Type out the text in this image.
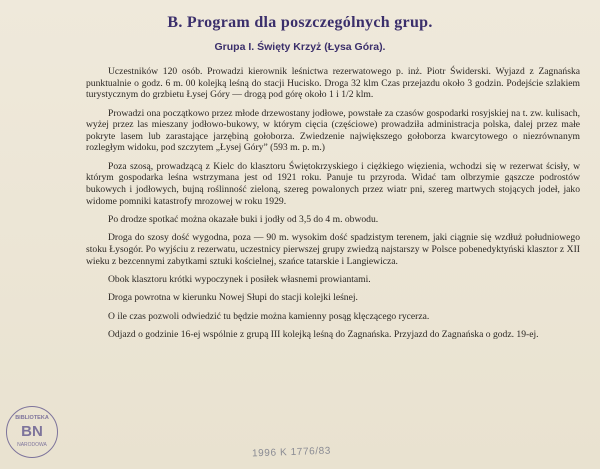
B. Program dla poszczególnych grup.
Grupa I. Święty Krzyż (Łysa Góra).

Uczestników 120 osób. Prowadzi kierownik leśnictwa rezerwatowego p. inż. Piotr Świderski. Wyjazd z Zagnańska punktualnie o godz. 6 m. 00 kolejką leśną do stacji Hucisko. Droga 32 klm Czas przejazdu około 3 godzin. Podejście szlakiem turystycznym do grzbietu Łysej Góry — drogą pod górę około 1 i 1/2 klm.

Prowadzi ona początkowo przez młode drzewostany jodłowe, powstałe za czasów gospodarki rosyjskiej na t. zw. kulisach, wyżej przez las mieszany jodłowo-bukowy, w którym cięcia (częściowe) prowadziła administracja polska, dalej przez małe pokryte lasem lub zarastające jarzębiną gołoborza. Zwiedzenie największego gołoborza kwarcytowego o niezrównanym rozległym widoku, pod szczytem „Łysej Góry” (593 m. p. m.)

Poza szosą, prowadzącą z Kielc do klasztoru Świętokrzyskiego i ciężkiego więzienia, wchodzi się w rezerwat ścisły, w którym gospodarka leśna wstrzymana jest od 1921 roku. Panuje tu przyroda. Widać tam olbrzymie gąszcze podrostów bukowych i jodłowych, bujną roślinność zieloną, szereg powalonych przez wiatr pni, szereg martwych stojących jodeł, jako widome pomniki katastrofy mrozowej w roku 1929.

Po drodze spotkać można okazałe buki i jodły od 3,5 do 4 m. obwodu.

Droga do szosy dość wygodna, poza — 90 m. wysokim dość spadzistym terenem, jaki ciągnie się wzdłuż południowego stoku Łysogór. Po wyjściu z rezerwatu, uczestnicy pierwszej grupy zwiedzą najstarszy w Polsce pobenedyktyński klasztor z XII wieku z bezcennymi zabytkami sztuki kościelnej, szańce tatarskie i Langiewicza.

Obok klasztoru krótki wypoczynek i posiłek własnemi prowiantami.

Droga powrotna w kierunku Nowej Słupi do stacji kolejki leśnej.

O ile czas pozwoli odwiedzić tu będzie można kamienny posąg klęczącego rycerza.

Odjazd o godzinie 16-ej wspólnie z grupą III kolejką leśną do Zagnańska. Przyjazd do Zagnańska o godz. 19-ej.

BIBLIOTEKA
BN
NARODOWA
1996 K 1776/83
